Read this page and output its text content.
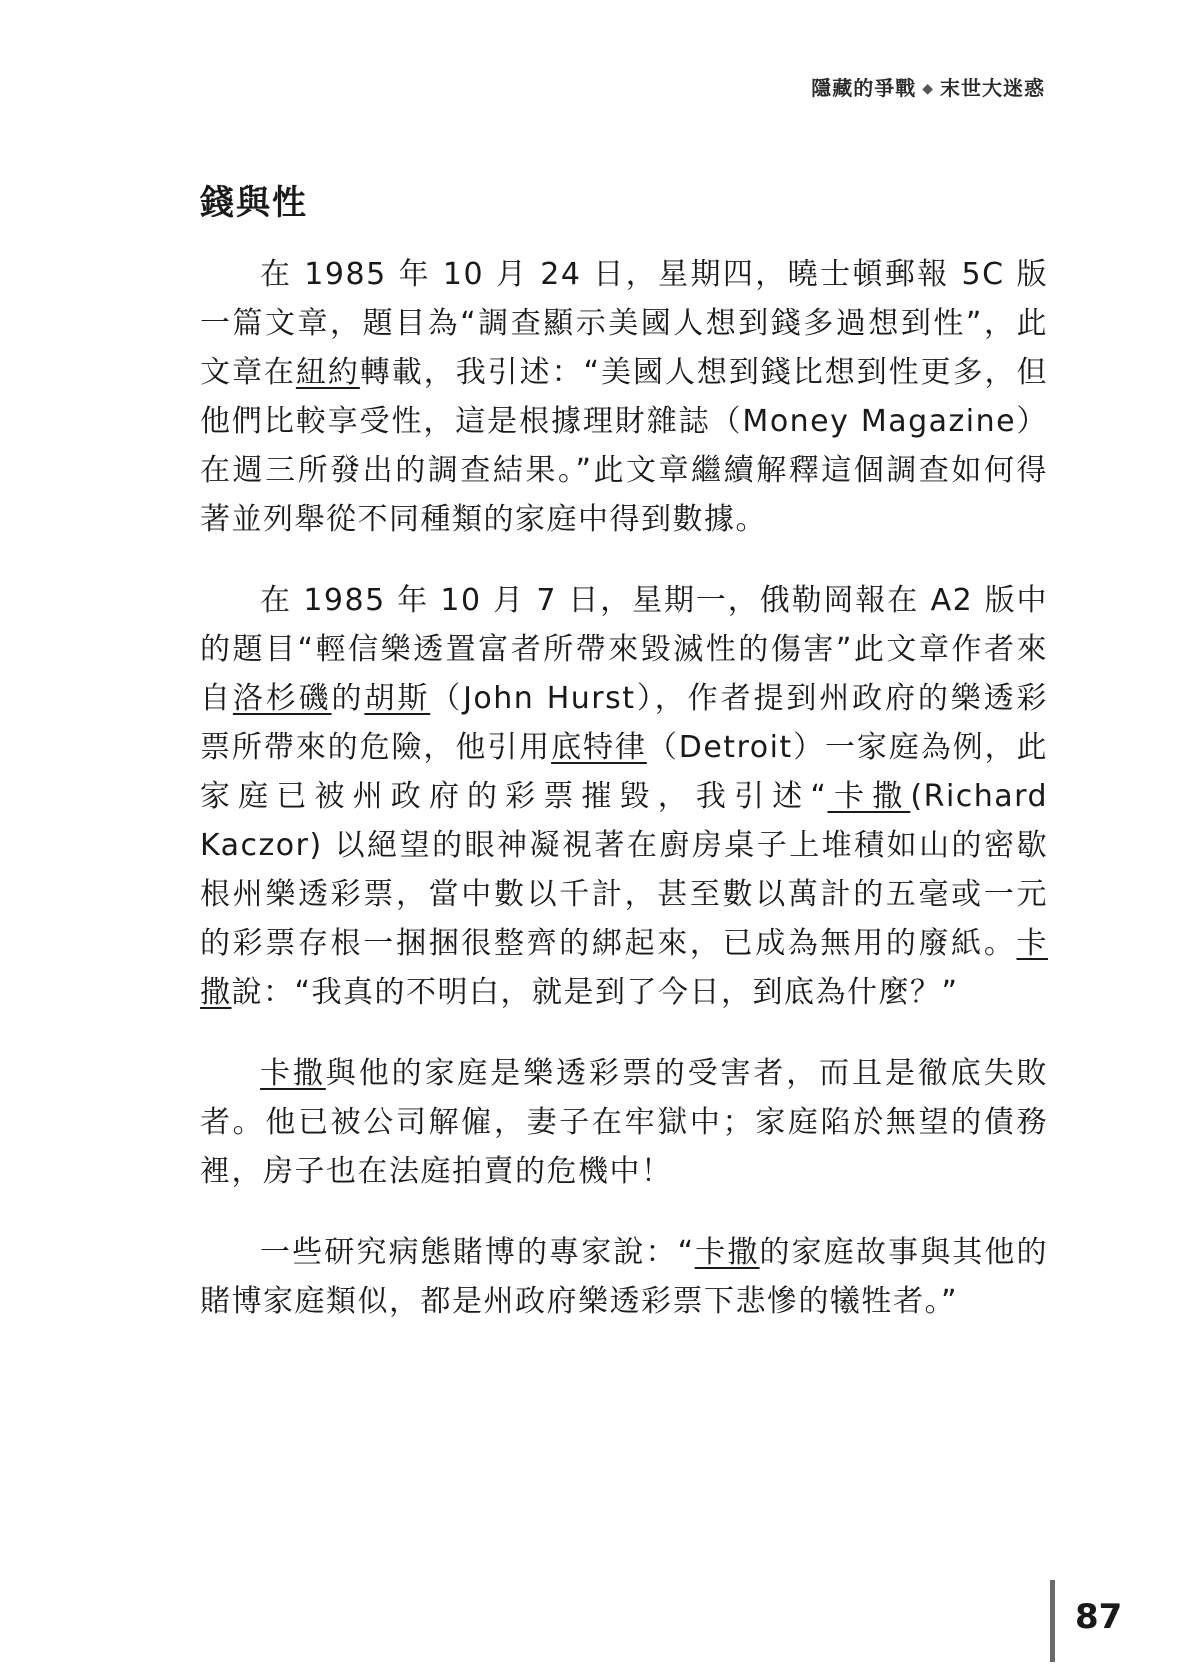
隱藏的爭戰 ◆ 末世大迷惑
錢與性

在 1985 年 10 月 24 日，星期四，曉士頓郵報 5C 版一篇文章，題目為“調查顯示美國人想到錢多過想到性”，此文章在紐約轉載，我引述：“美國人想到錢比想到性更多，但他們比較享受性，這是根據理財雜誌（Money Magazine）在週三所發出的調查結果。”此文章繼續解釋這個調查如何得著並列舉從不同種類的家庭中得到數據。

在 1985 年 10 月 7 日，星期一，俄勒岡報在 A2 版中的題目“輕信樂透置富者所帶來毀滅性的傷害”此文章作者來自洛杉磯的胡斯（John Hurst），作者提到州政府的樂透彩票所帶來的危險，他引用底特律（Detroit）一家庭為例，此家庭已被州政府的彩票摧毀，我引述“卡撒(Richard Kaczor) 以絕望的眼神凝視著在廚房桌子上堆積如山的密歇根州樂透彩票，當中數以千計，甚至數以萬計的五毫或一元的彩票存根一捆捆很整齊的綁起來，已成為無用的廢紙。卡撒說：“我真的不明白，就是到了今日，到底為什麼？”

卡撒與他的家庭是樂透彩票的受害者，而且是徹底失敗者。他已被公司解僱，妻子在牢獄中；家庭陷於無望的債務裡，房子也在法庭拍賣的危機中！

一些研究病態賭博的專家說：“卡撒的家庭故事與其他的賭博家庭類似，都是州政府樂透彩票下悲慘的犧牲者。”

87
